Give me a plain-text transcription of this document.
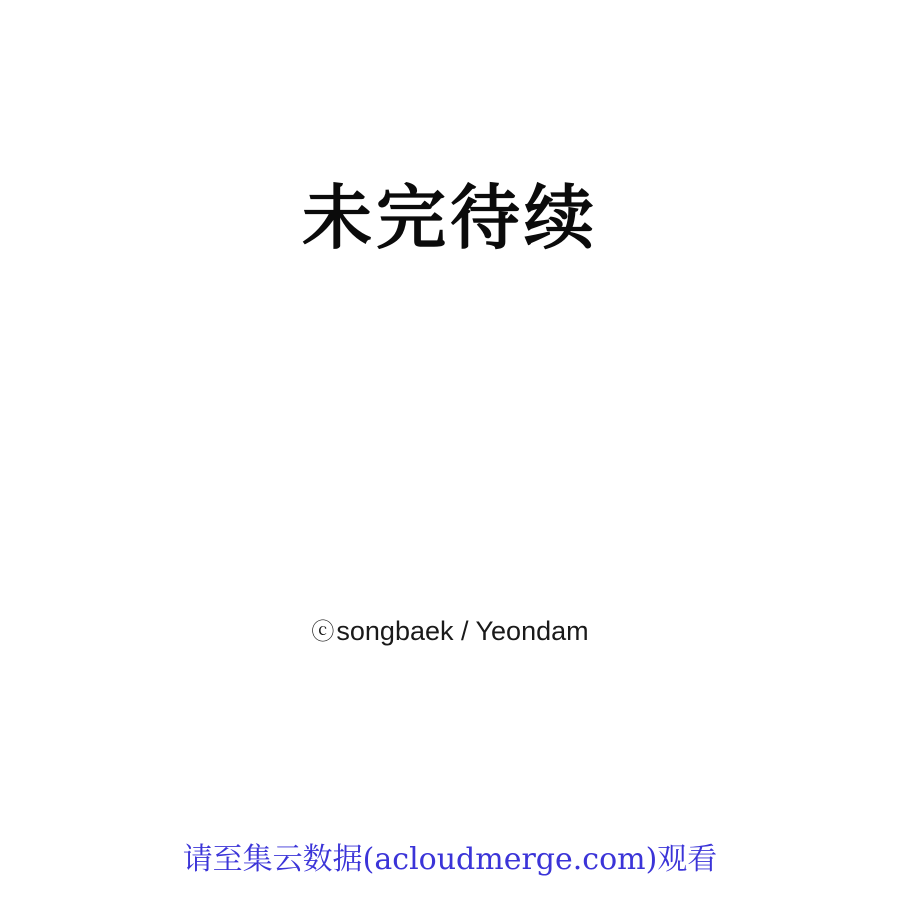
未完待续
ⓒsongbaek / Yeondam
请至集云数据(acloudmerge.com)观看
